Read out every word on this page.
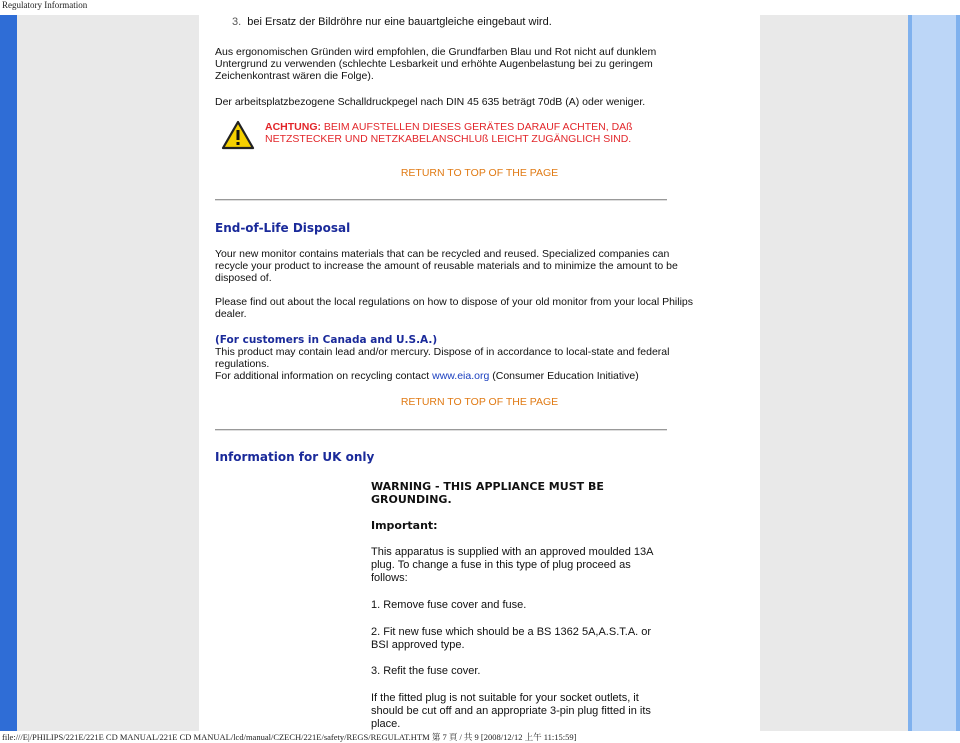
Regulatory Information
3. bei Ersatz der Bildröhre nur eine bauartgleiche eingebaut wird.
Aus ergonomischen Gründen wird empfohlen, die Grundfarben Blau und Rot nicht auf dunklem
Untergrund zu verwenden (schlechte Lesbarkeit und erhöhte Augenbelastung bei zu geringem
Zeichenkontrast wären die Folge).
Der arbeitsplatzbezogene Schalldruckpegel nach DIN 45 635 beträgt 70dB (A) oder weniger.
ACHTUNG: BEIM AUFSTELLEN DIESES GERÄTES DARAUF ACHTEN, DAß
NETZSTECKER UND NETZKABELANSCHLUß LEICHT ZUGÄNGLICH SIND.
RETURN TO TOP OF THE PAGE
End-of-Life Disposal
Your new monitor contains materials that can be recycled and reused. Specialized companies can
recycle your product to increase the amount of reusable materials and to minimize the amount to be
disposed of.
Please find out about the local regulations on how to dispose of your old monitor from your local Philips
dealer.
(For customers in Canada and U.S.A.)
This product may contain lead and/or mercury. Dispose of in accordance to local-state and federal
regulations.
For additional information on recycling contact www.eia.org (Consumer Education Initiative)
RETURN TO TOP OF THE PAGE
Information for UK only
WARNING - THIS APPLIANCE MUST BE
GROUNDING.
Important:
This apparatus is supplied with an approved moulded 13A
plug. To change a fuse in this type of plug proceed as
follows:
1. Remove fuse cover and fuse.
2. Fit new fuse which should be a BS 1362 5A,A.S.T.A. or
BSI approved type.
3. Refit the fuse cover.
If the fitted plug is not suitable for your socket outlets, it
should be cut off and an appropriate 3-pin plug fitted in its
place.
file:///E|/PHILIPS/221E/221E CD MANUAL/221E CD MANUAL/lcd/manual/CZECH/221E/safety/REGS/REGULAT.HTM 第 7 頁 / 共 9 [2008/12/12 上午 11:15:59]
